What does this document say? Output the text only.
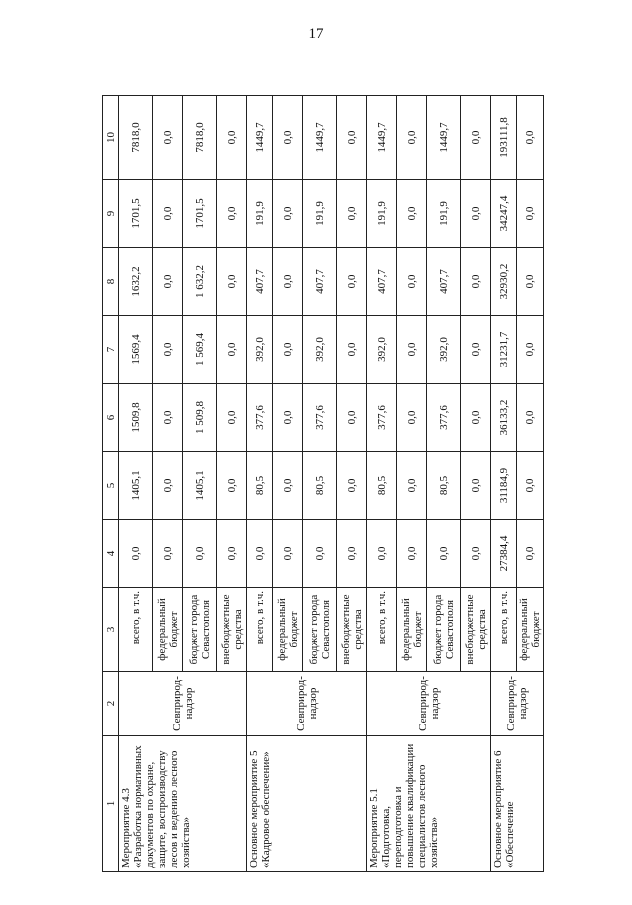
17
1	2	3	4	5	6	7	8	9	10
Мероприятие 4.3 «Разработка нормативных документов по охране, защите, воспроизводству лесов и ведению лесного хозяйства»	Севприрод-надзор	всего, в т.ч.	0,0	1405,1	1509,8	1569,4	1632,2	1701,5	7818,0
		федеральный бюджет	0,0	0,0	0,0	0,0	0,0	0,0	0,0
		бюджет города Севастополя	0,0	1405,1	1 509,8	1 569,4	1 632,2	1701,5	7818,0
		внебюджетные средства	0,0	0,0	0,0	0,0	0,0	0,0	0,0
Основное мероприятие 5 «Кадровое обеспечение»	Севприрод-надзор	всего, в т.ч.	0,0	80,5	377,6	392,0	407,7	191,9	1449,7
		федеральный бюджет	0,0	0,0	0,0	0,0	0,0	0,0	0,0
		бюджет города Севастополя	0,0	80,5	377,6	392,0	407,7	191,9	1449,7
		внебюджетные средства	0,0	0,0	0,0	0,0	0,0	0,0	0,0
Мероприятие 5.1 «Подготовка, переподготовка и повышение квалификации специалистов лесного хозяйства»	Севприрод-надзор	всего, в т.ч.	0,0	80,5	377,6	392,0	407,7	191,9	1449,7
		федеральный бюджет	0,0	0,0	0,0	0,0	0,0	0,0	0,0
		бюджет города Севастополя	0,0	80,5	377,6	392,0	407,7	191,9	1449,7
		внебюджетные средства	0,0	0,0	0,0	0,0	0,0	0,0	0,0
Основное мероприятие 6 «Обеспечение	Севприрод-надзор	всего, в т.ч.	27384,4	31184,9	36133,2	31231,7	32930,2	34247,4	193111,8
		федеральный бюджет	0,0	0,0	0,0	0,0	0,0	0,0	0,0
